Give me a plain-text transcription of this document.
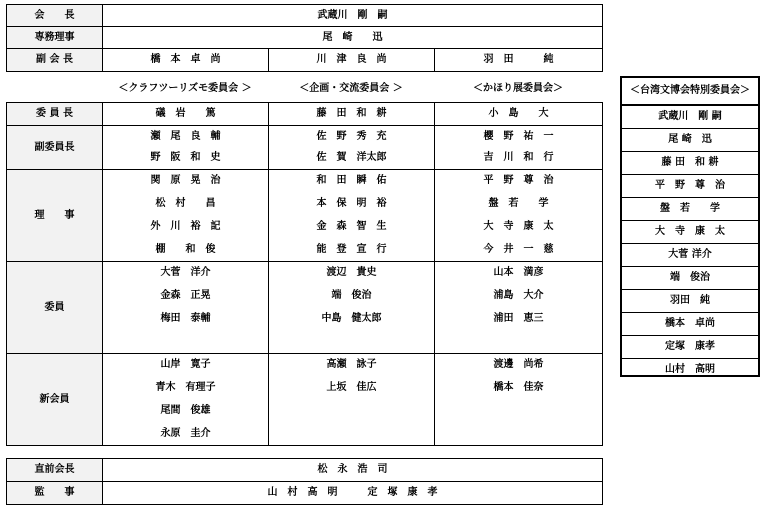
会　　長	武蔵川　剛　嗣		
専務理事	尾　崎　　迅		
副 会 長	橋　本　卓　尚	川　津　良　尚	羽　田　　　純
＜クラフツーリズモ委員会 ＞	＜企画・交流委員会 ＞	＜かほり展委員会＞
委 員 長	礒　岩　　篤	藤　田　和　耕	小　島　　大
副委員長	瀬　尾　良　輔	佐　野　秀　充	櫻　野　祐　一
	野　阪　和　史	佐　賀　洋太郎	吉　川　和　行
理　　事	関　原　晃　治	和　田　瞬　佑	平　野　尊　治
	松　村　　昌	本　保　明　裕	盤　若　　学
	外　川　裕　記	金　森　智　生	大　寺　康　太
	棚　　和　俊	能　登　宣　行	今　井　一　慈
委員	大菅　洋介	渡辺　貴史	山本　満彦
	金森　正晃	端　俊治	浦島　大介
	梅田　泰輔	中島　健太郎	浦田　恵三

新会員	山岸　寛子	高瀬　詠子	渡邊　尚希
	青木　有理子	上坂　佳広	橋本　佳奈
	尾間　俊雄		
	永原　圭介		
＜台湾文博会特別委員会＞
武蔵川　剛 嗣
尾 崎　迅
藤 田　和 耕
平　野　尊　治
盤　若　　学
大　寺　康　太
大菅 洋介
端　俊治
羽田　純
橋本　卓尚
定塚　康孝
山村　高明
直前会長	松　永　浩　司
監　　事	山　村　高　明　　　定　塚　康　孝
